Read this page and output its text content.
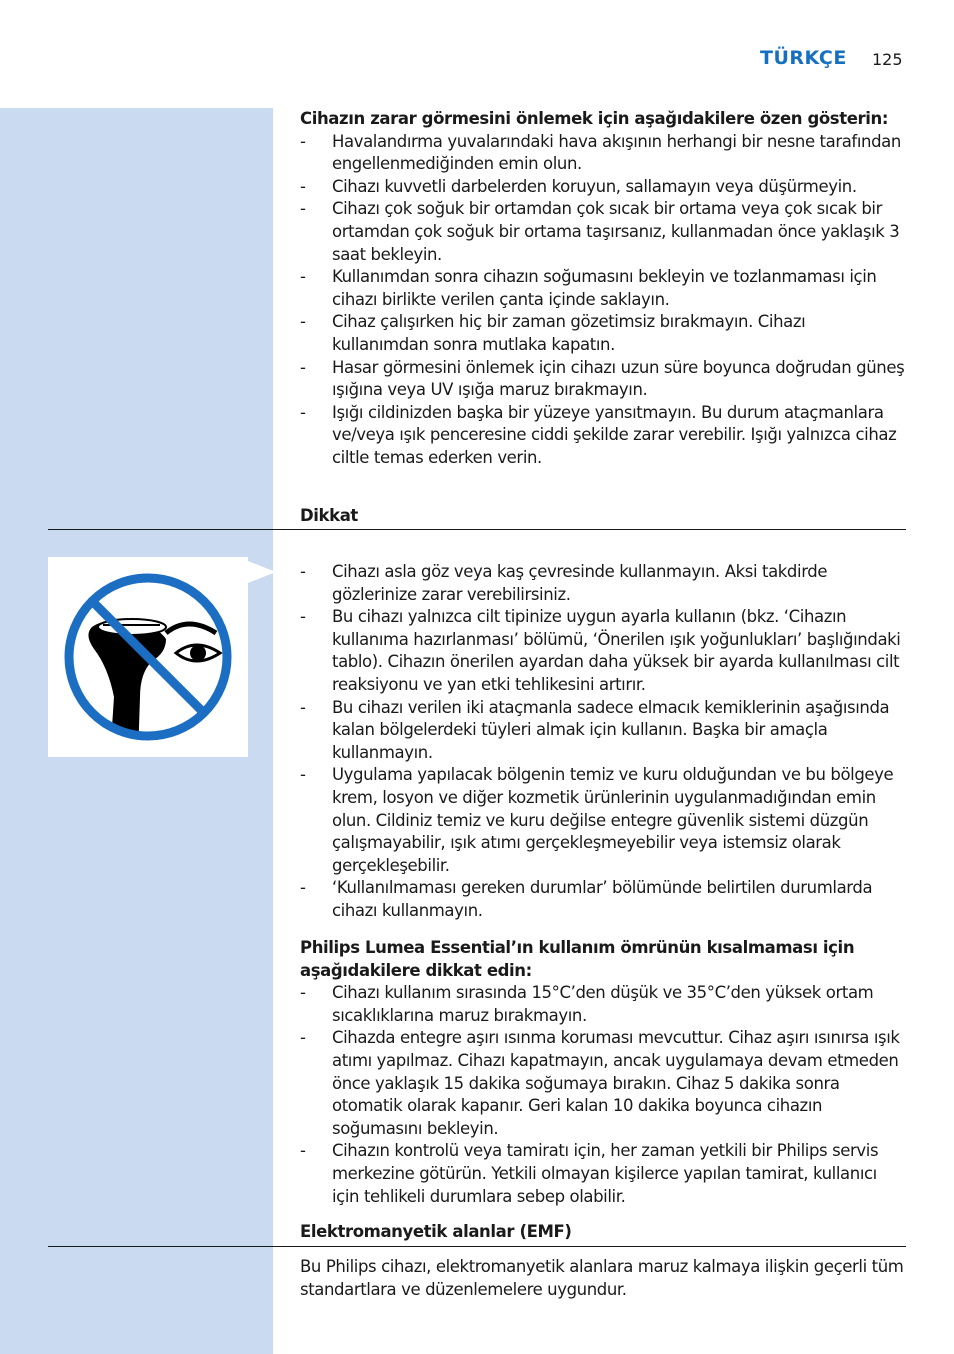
TÜRKÇE 125
Cihazın zarar görmesini önlemek için aşağıdakilere özen gösterin:
- Havalandırma yuvalarındaki hava akışının herhangi bir nesne tarafından engellenmediğinden emin olun.
- Cihazı kuvvetli darbelerden koruyun, sallamayın veya düşürmeyin.
- Cihazı çok soğuk bir ortamdan çok sıcak bir ortama veya çok sıcak bir ortamdan çok soğuk bir ortama taşırsanız, kullanmadan önce yaklaşık 3 saat bekleyin.
- Kullanımdan sonra cihazın soğumasını bekleyin ve tozlanmaması için cihazı birlikte verilen çanta içinde saklayın.
- Cihaz çalışırken hiç bir zaman gözetimsiz bırakmayın. Cihazı kullanımdan sonra mutlaka kapatın.
- Hasar görmesini önlemek için cihazı uzun süre boyunca doğrudan güneş ışığına veya UV ışığa maruz bırakmayın.
- Işığı cildinizden başka bir yüzeye yansıtmayın. Bu durum ataçmanlara ve/veya ışık penceresine ciddi şekilde zarar verebilir. Işığı yalnızca cihaz ciltle temas ederken verin.
Dikkat
- Cihazı asla göz veya kaş çevresinde kullanmayın. Aksi takdirde gözlerinize zarar verebilirsiniz.
- Bu cihazı yalnızca cilt tipinize uygun ayarla kullanın (bkz. ‘Cihazın kullanıma hazırlanması’ bölümü, ‘Önerilen ışık yoğunlukları’ başlığındaki tablo). Cihazın önerilen ayardan daha yüksek bir ayarda kullanılması cilt reaksiyonu ve yan etki tehlikesini artırır.
- Bu cihazı verilen iki ataçmanla sadece elmacık kemiklerinin aşağısında kalan bölgelerdeki tüyleri almak için kullanın. Başka bir amaçla kullanmayın.
- Uygulama yapılacak bölgenin temiz ve kuru olduğundan ve bu bölgeye krem, losyon ve diğer kozmetik ürünlerinin uygulanmadığından emin olun. Cildiniz temiz ve kuru değilse entegre güvenlik sistemi düzgün çalışmayabilir, ışık atımı gerçekleşmeyebilir veya istemsiz olarak gerçekleşebilir.
- ‘Kullanılmaması gereken durumlar’ bölümünde belirtilen durumlarda cihazı kullanmayın.
Philips Lumea Essential’ın kullanım ömrünün kısalmaması için aşağıdakilere dikkat edin:
- Cihazı kullanım sırasında 15°C’den düşük ve 35°C’den yüksek ortam sıcaklıklarına maruz bırakmayın.
- Cihazda entegre aşırı ısınma koruması mevcuttur. Cihaz aşırı ısınırsa ışık atımı yapılmaz. Cihazı kapatmayın, ancak uygulamaya devam etmeden önce yaklaşık 15 dakika soğumaya bırakın. Cihaz 5 dakika sonra otomatik olarak kapanır. Geri kalan 10 dakika boyunca cihazın soğumasını bekleyin.
- Cihazın kontrolü veya tamiratı için, her zaman yetkili bir Philips servis merkezine götürün. Yetkili olmayan kişilerce yapılan tamirat, kullanıcı için tehlikeli durumlara sebep olabilir.
Elektromanyetik alanlar (EMF)
Bu Philips cihazı, elektromanyetik alanlara maruz kalmaya ilişkin geçerli tüm standartlara ve düzenlemelere uygundur.
